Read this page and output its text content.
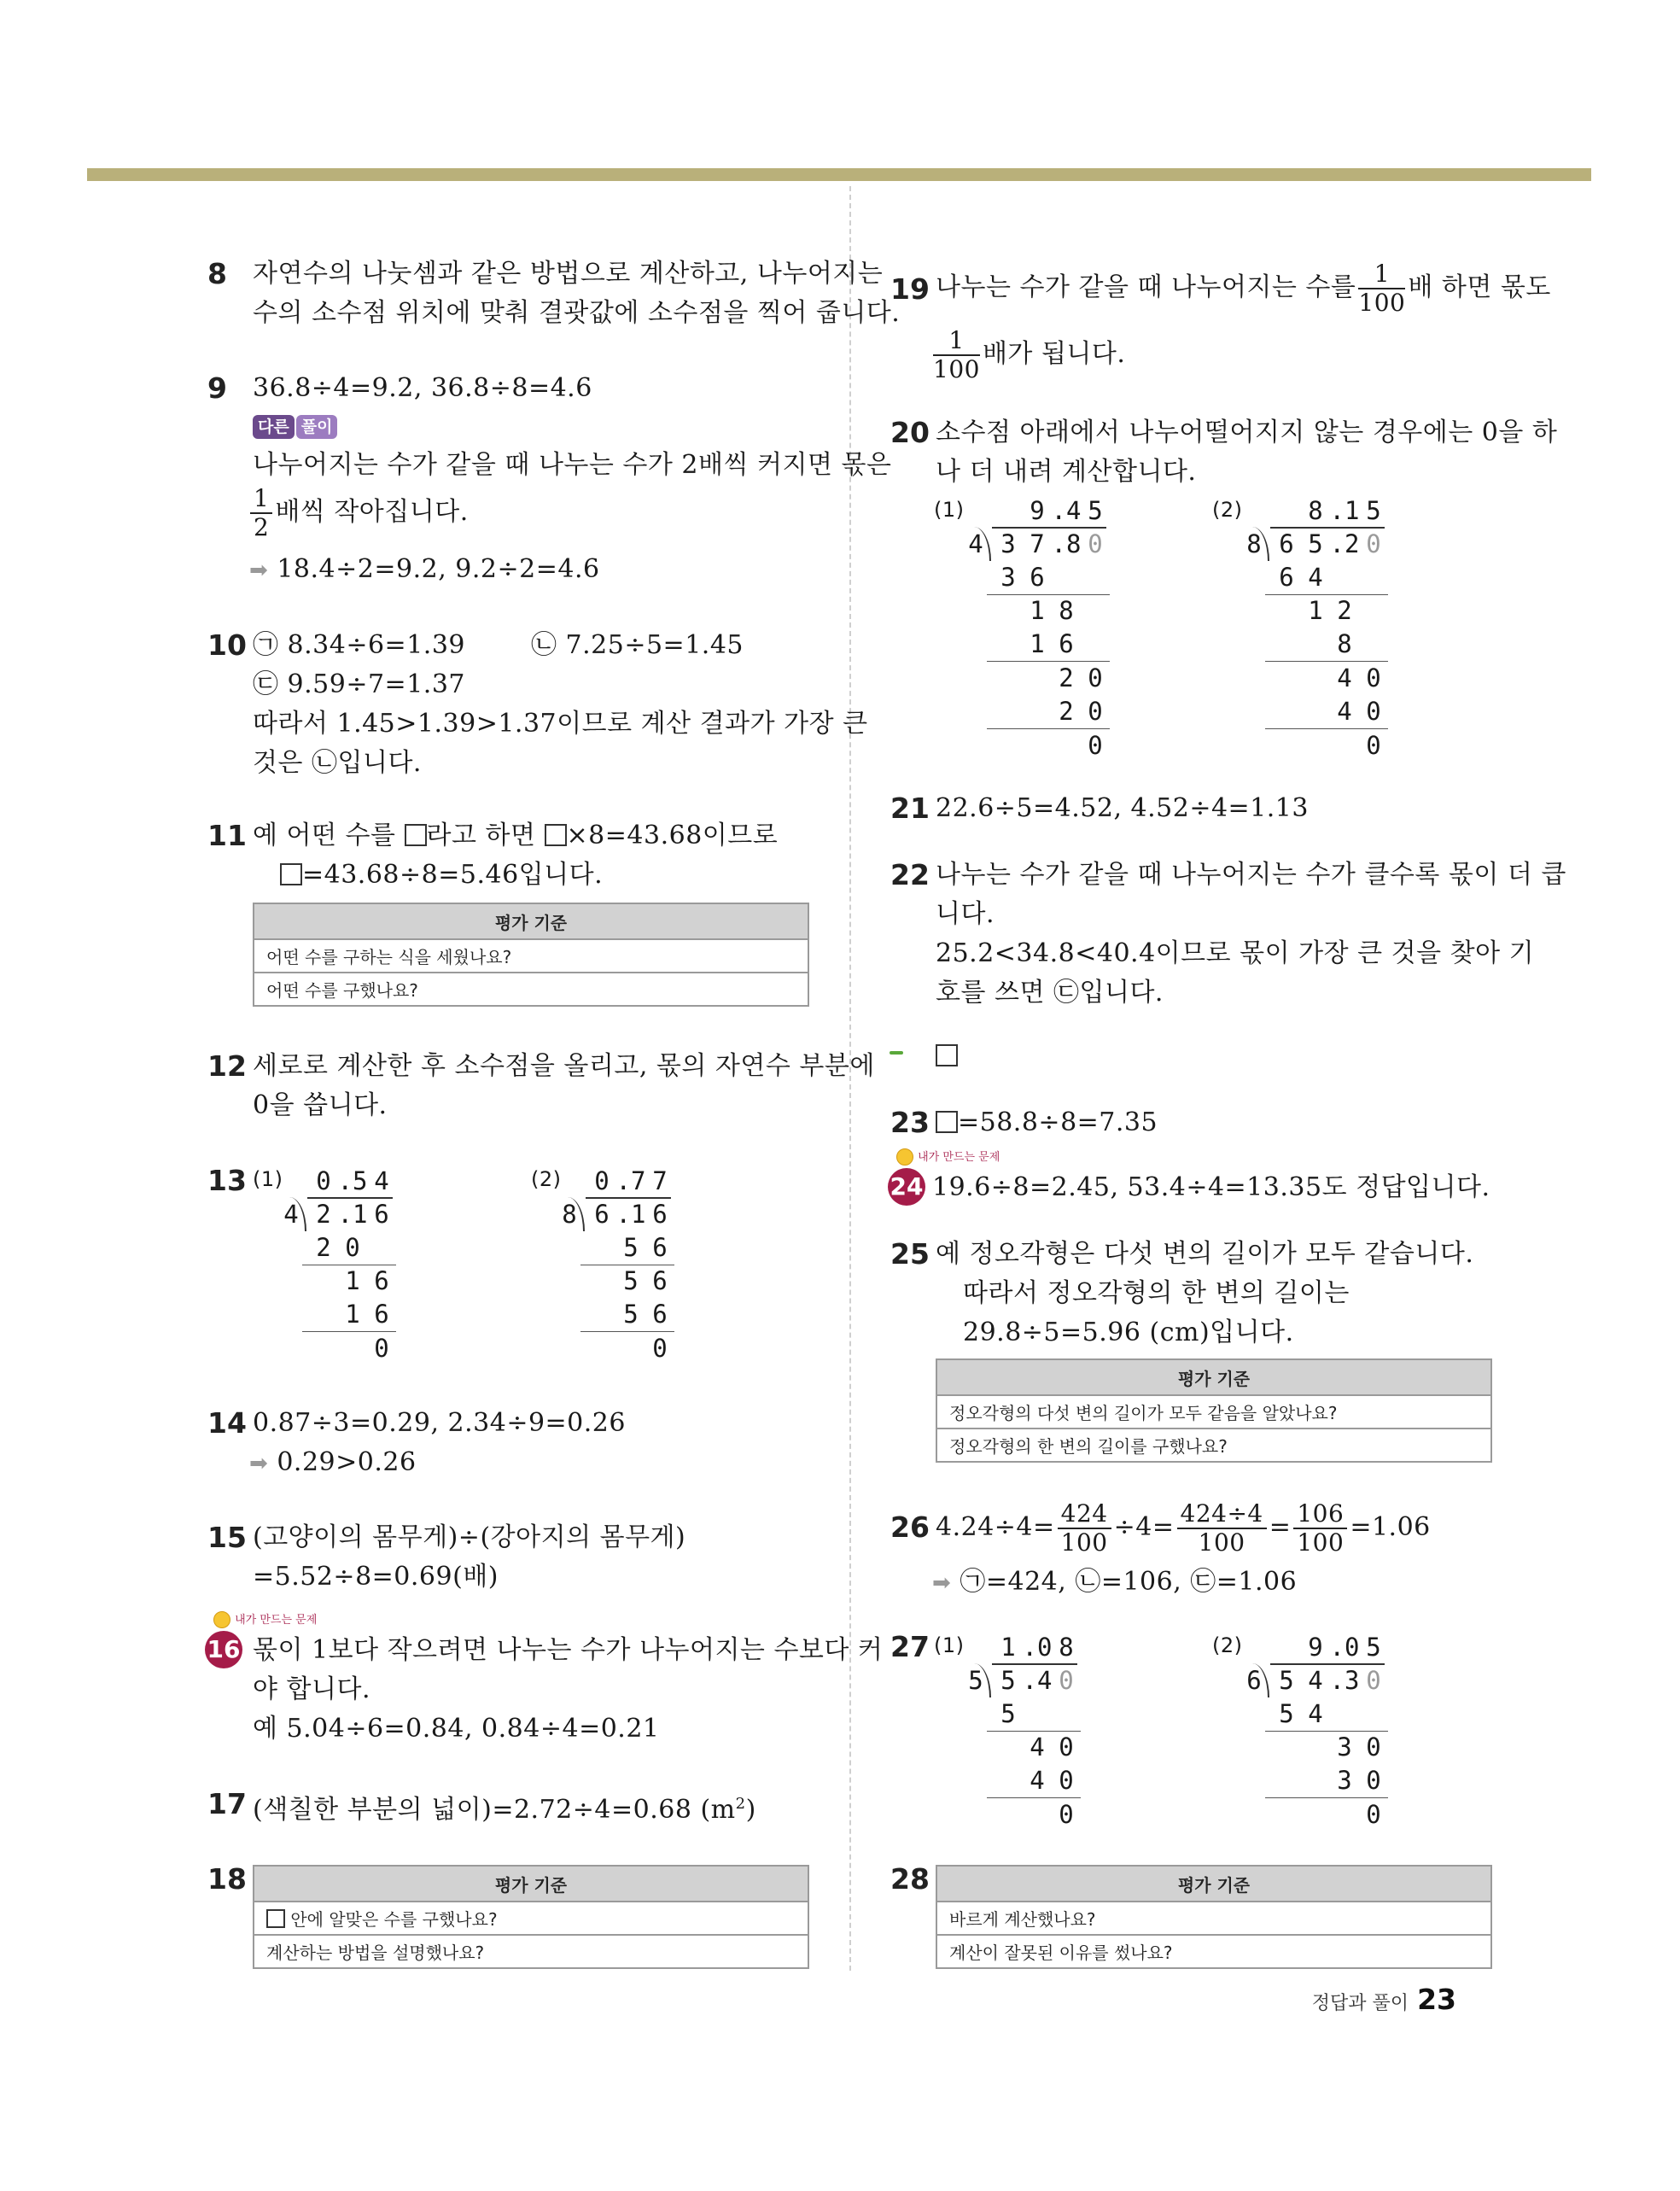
8 자연수의 나눗셈과 같은 방법으로 계산하고, 나누어지는
수의 소수점 위치에 맞춰 결괏값에 소수점을 찍어 줍니다.
9 36.8÷4=9.2, 36.8÷8=4.6
다른 풀이
나누어지는 수가 같을 때 나누는 수가 2배씩 커지면 몫은
$\frac{1}{2}$ 배씩 작아집니다.
➡ 18.4÷2=9.2, 9.2÷2=4.6
10 ㉠ 8.34÷6=1.39	㉡ 7.25÷5=1.45
㉢ 9.59÷7=1.37
따라서 1.45>1.39>1.37이므로 계산 결과가 가장 큰
것은 ㉡입니다.
11 예 어떤 수를 라고 하면 ×8=43.68이므로
=43.68÷8=5.46입니다.
평가 기준
어떤 수를 구하는 식을 세웠나요?
어떤 수를 구했나요?
12 세로로 계산한 후 소수점을 올리고, 몫의 자연수 부분에
0을 씁니다.
13 (1)	(2)
0 .5 4
4 2 .1 6
2 0
1 6
1 6
0
0 .7 7
8 6 .1 6
5 6
5 6
5 6
0
14 0.87÷3=0.29, 2.34÷9=0.26
➡ 0.29>0.26
15 (고양이의 몸무게)÷(강아지의 몸무게)
=5.52÷8=0.69(배)
내가 만드는 문제
16 몫이 1보다 작으려면 나누는 수가 나누어지는 수보다 커
야 합니다.
예 5.04÷6=0.84, 0.84÷4=0.21
17 (색칠한 부분의 넓이)=2.72÷4=0.68 $(m^2)$
18	평가 기준
안에 알맞은 수를 구했나요?
계산하는 방법을 설명했나요?
19 나누는 수가 같을 때 나누어지는 수를 $\frac{1}{100}$ 배 하면 몫도
$\frac{1}{100}$ 배가 됩니다.
20 소수점 아래에서 나누어떨어지지 않는 경우에는 0을 하
나 더 내려 계산합니다.
(1)	(2)
9 .4 5
4 3 7 .8 0
3 6
1 8
1 6
2 0
2 0
0
8 .1 5
8 6 5 .2 0
6 4
1 2
8
4 0
4 0
0
21 22.6÷5=4.52, 4.52÷4=1.13
22 나누는 수가 같을 때 나누어지는 수가 클수록 몫이 더 큽
니다.
25.2<34.8<40.4이므로 몫이 가장 큰 것을 찾아 기
호를 쓰면 ㉢입니다.
23	=58.8÷8=7.35
내가 만드는 문제
24 19.6÷8=2.45, 53.4÷4=13.35도 정답입니다.
25 예 정오각형은 다섯 변의 길이가 모두 같습니다.
따라서 정오각형의 한 변의 길이는
29.8÷5=5.96 (cm)입니다.
평가 기준
정오각형의 다섯 변의 길이가 모두 같음을 알았나요?
정오각형의 한 변의 길이를 구했나요?
26 $4.24\div 4= \frac{424}{100} \div 4= \frac{424\div 4}{100} = \frac{106}{100} =1.06$
➡ ㉠=424, ㉡=106, ㉢=1.06
27 (1)	(2)
1 .0 8
5 5 .4 0
5
4 0
4 0
0
9 .0 5
6 5 4 .3 0
5 4
3 0
3 0
0
28	평가 기준
바르게 계산했나요?
계산이 잘못된 이유를 썼나요?
정답과 풀이 23
